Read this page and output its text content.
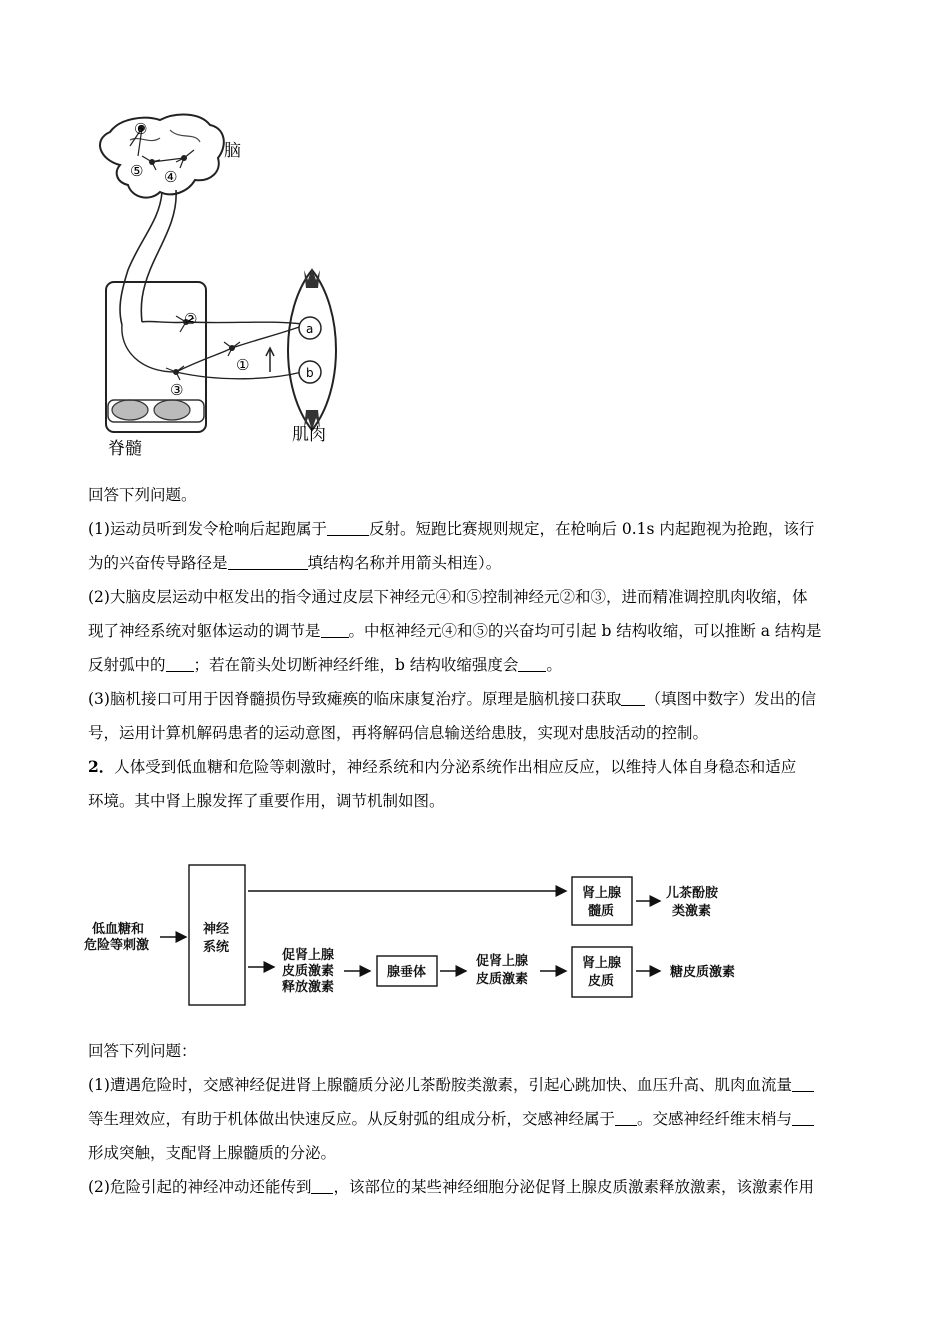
⑥
⑤ ④
脑
②
③
①
a
b
脊髓
肌肉
回答下列问题。
(1)运动员听到发令枪响后起跑属于	反射。短跑比赛规则规定，在枪响后 0.1s 内起跑视为抢跑，该行
为的兴奋传导路径是	填结构名称并用箭头相连）。
(2)大脑皮层运动中枢发出的指令通过皮层下神经元④和⑤控制神经元②和③，进而精准调控肌肉收缩，体
现了神经系统对躯体运动的调节是 。中枢神经元④和⑤的兴奋均可引起 b 结构收缩，可以推断 a 结构是
反射弧中的 ；若在箭头处切断神经纤维，b 结构收缩强度会 。
(3)脑机接口可用于因脊髓损伤导致瘫痪的临床康复治疗。原理是脑机接口获取 （填图中数字）发出的信
号，运用计算机解码患者的运动意图，再将解码信息输送给患肢，实现对患肢活动的控制。
2．人体受到低血糖和危险等刺激时，神经系统和内分泌系统作出相应反应，以维持人体自身稳态和适应
环境。其中肾上腺发挥了重要作用，调节机制如图。
低血糖和
危险等刺激
神经
系统
肾上腺
髓质
儿茶酚胺
类激素
促肾上腺
皮质激素
释放激素
腺垂体
促肾上腺
皮质激素
肾上腺
皮质
糖皮质激素
回答下列问题：
(1)遭遇危险时，交感神经促进肾上腺髓质分泌儿茶酚胺类激素，引起心跳加快、血压升高、肌肉血流量
等生理效应，有助于机体做出快速反应。从反射弧的组成分析，交感神经属于 。交感神经纤维末梢与
形成突触，支配肾上腺髓质的分泌。
(2)危险引起的神经冲动还能传到 ，该部位的某些神经细胞分泌促肾上腺皮质激素释放激素，该激素作用
